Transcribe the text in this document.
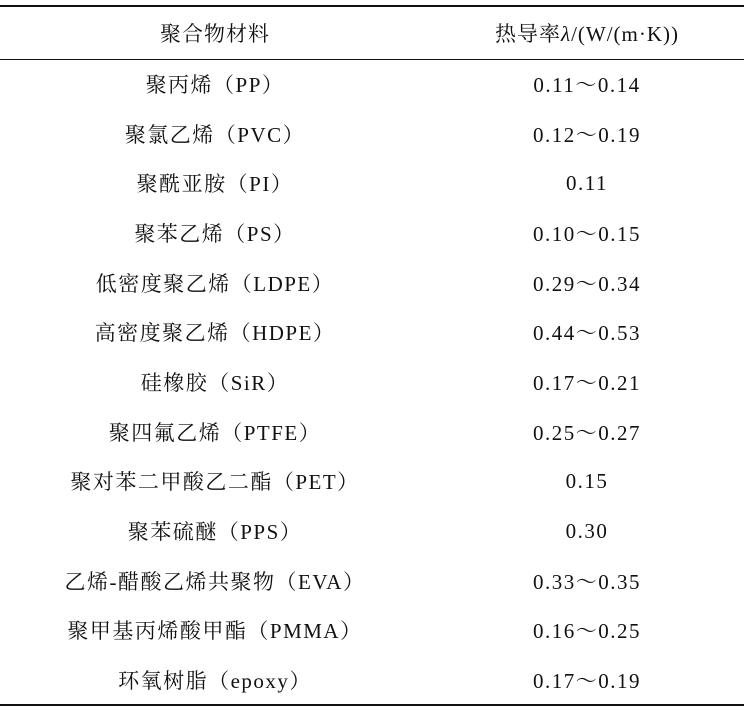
聚合物材料	热导率λ/(W/(m·K))
聚丙烯（PP）	0.11～0.14
聚氯乙烯（PVC）	0.12～0.19
聚酰亚胺（PI）	0.11
聚苯乙烯（PS）	0.10～0.15
低密度聚乙烯（LDPE）	0.29～0.34
高密度聚乙烯（HDPE）	0.44～0.53
硅橡胶（SiR）	0.17～0.21
聚四氟乙烯（PTFE）	0.25～0.27
聚对苯二甲酸乙二酯（PET）	0.15
聚苯硫醚（PPS）	0.30
乙烯-醋酸乙烯共聚物（EVA）	0.33～0.35
聚甲基丙烯酸甲酯（PMMA）	0.16～0.25
环氧树脂（epoxy）	0.17～0.19
